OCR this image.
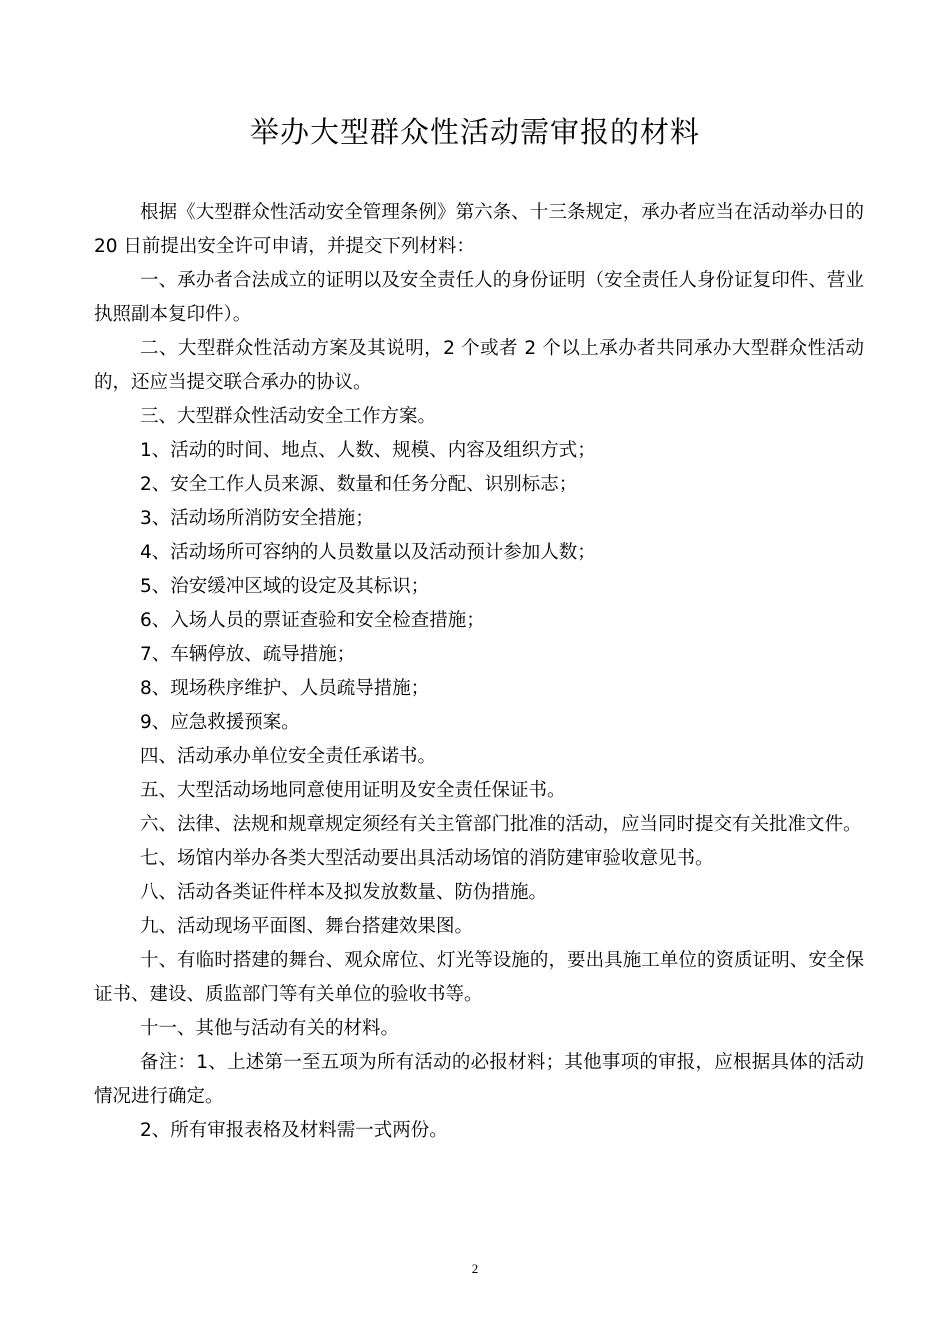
举办大型群众性活动需审报的材料

根据《大型群众性活动安全管理条例》第六条、十三条规定，承办者应当在活动举办日的 20 日前提出安全许可申请，并提交下列材料：

一、承办者合法成立的证明以及安全责任人的身份证明（安全责任人身份证复印件、营业执照副本复印件）。

二、大型群众性活动方案及其说明，2 个或者 2 个以上承办者共同承办大型群众性活动的，还应当提交联合承办的协议。

三、大型群众性活动安全工作方案。

1、活动的时间、地点、人数、规模、内容及组织方式；

2、安全工作人员来源、数量和任务分配、识别标志；

3、活动场所消防安全措施；

4、活动场所可容纳的人员数量以及活动预计参加人数；

5、治安缓冲区域的设定及其标识；

6、入场人员的票证查验和安全检查措施；

7、车辆停放、疏导措施；

8、现场秩序维护、人员疏导措施；

9、应急救援预案。

四、活动承办单位安全责任承诺书。

五、大型活动场地同意使用证明及安全责任保证书。

六、法律、法规和规章规定须经有关主管部门批准的活动，应当同时提交有关批准文件。

七、场馆内举办各类大型活动要出具活动场馆的消防建审验收意见书。

八、活动各类证件样本及拟发放数量、防伪措施。

九、活动现场平面图、舞台搭建效果图。

十、有临时搭建的舞台、观众席位、灯光等设施的，要出具施工单位的资质证明、安全保证书、建设、质监部门等有关单位的验收书等。

十一、其他与活动有关的材料。

备注：1、上述第一至五项为所有活动的必报材料；其他事项的审报，应根据具体的活动情况进行确定。

2、所有审报表格及材料需一式两份。

2
